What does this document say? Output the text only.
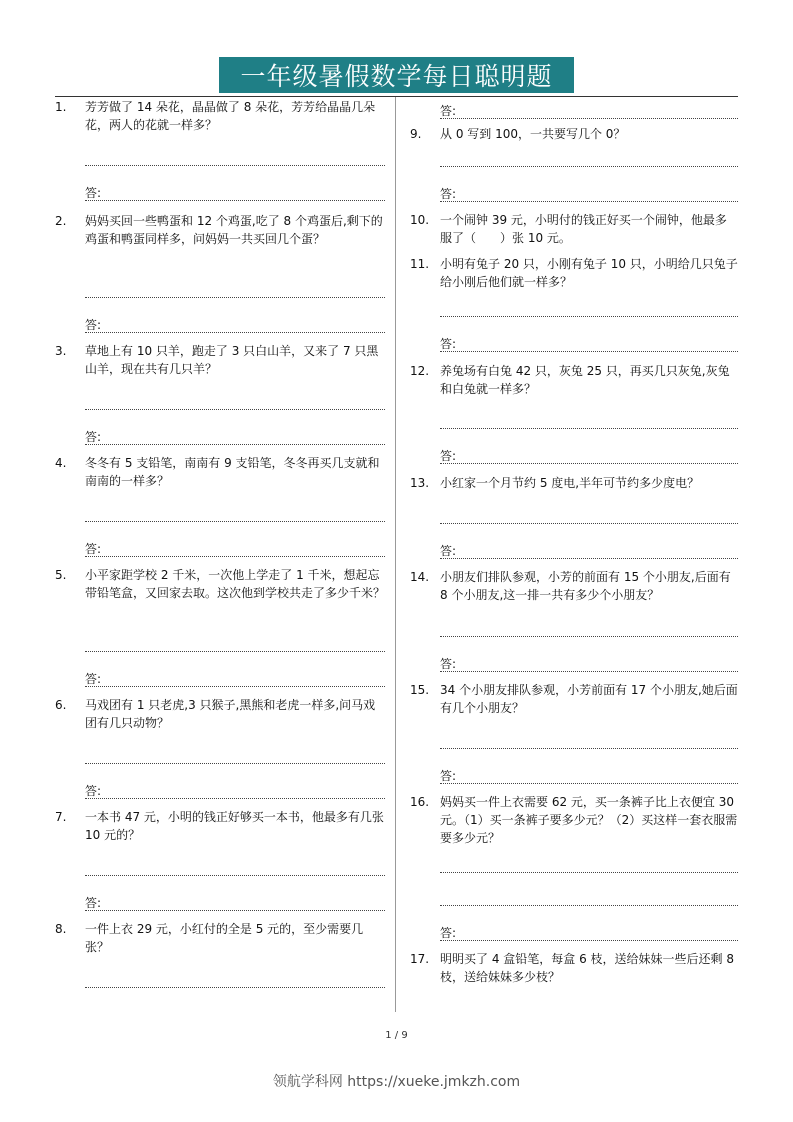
一年级暑假数学每日聪明题
1.	芳芳做了 14 朵花，晶晶做了 8 朵花，芳芳给晶晶几朵花，两人的花就一样多？
答:
2.	妈妈买回一些鸭蛋和 12 个鸡蛋,吃了 8 个鸡蛋后,剩下的鸡蛋和鸭蛋同样多，问妈妈一共买回几个蛋？
答:
3.	草地上有 10 只羊，跑走了 3 只白山羊，又来了 7 只黑山羊，现在共有几只羊？
答:
4.	冬冬有 5 支铅笔，南南有 9 支铅笔，冬冬再买几支就和南南的一样多？
答:
5.	小平家距学校 2 千米，一次他上学走了 1 千米，想起忘带铅笔盒，又回家去取。这次他到学校共走了多少千米？
答:
6.	马戏团有 1 只老虎,3 只猴子,黑熊和老虎一样多,问马戏团有几只动物？
答:
7.	一本书 47 元，小明的钱正好够买一本书，他最多有几张 10 元的？
答:
8.	一件上衣 29 元，小红付的全是 5 元的，至少需要几张？
答:
9.	从 0 写到 100，一共要写几个 0？
答:
10. 一个闹钟 39 元，小明付的钱正好买一个闹钟，他最多服了（　　）张 10 元。
11. 小明有兔子 20 只，小刚有兔子 10 只，小明给几只兔子给小刚后他们就一样多？
答:
12. 养兔场有白兔 42 只，灰兔 25 只，再买几只灰兔,灰兔和白兔就一样多？
答:
13. 小红家一个月节约 5 度电,半年可节约多少度电？
答:
14. 小朋友们排队参观，小芳的前面有 15 个小朋友,后面有 8 个小朋友,这一排一共有多少个小朋友？
答:
15. 34 个小朋友排队参观，小芳前面有 17 个小朋友,她后面有几个小朋友？
答:
16. 妈妈买一件上衣需要 62 元，买一条裤子比上衣便宜 30 元。（1）买一条裤子要多少元？（2）买这样一套衣服需要多少元？
答:
17. 明明买了 4 盒铅笔，每盒 6 枝，送给妹妹一些后还剩 8 枝，送给妹妹多少枝？
1 / 9
领航学科网 https://xueke.jmkzh.com
